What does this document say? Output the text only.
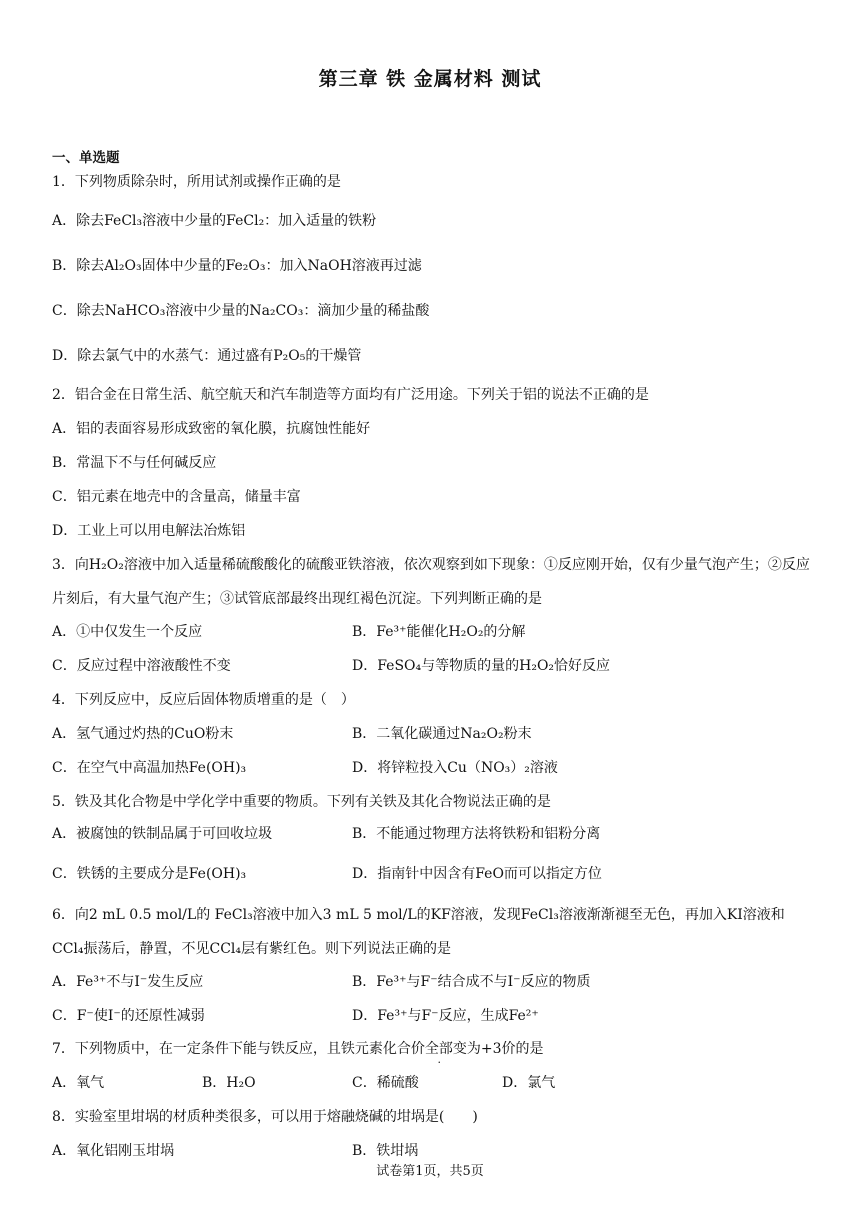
第三章 铁 金属材料 测试
一、单选题
1．下列物质除杂时，所用试剂或操作正确的是
A．除去FeCl₃溶液中少量的FeCl₂：加入适量的铁粉
B．除去Al₂O₃固体中少量的Fe₂O₃：加入NaOH溶液再过滤
C．除去NaHCO₃溶液中少量的Na₂CO₃：滴加少量的稀盐酸
D．除去氯气中的水蒸气：通过盛有P₂O₅的干燥管
2．铝合金在日常生活、航空航天和汽车制造等方面均有广泛用途。下列关于铝的说法不正确的是
A．铝的表面容易形成致密的氧化膜，抗腐蚀性能好
B．常温下不与任何碱反应
C．铝元素在地壳中的含量高，储量丰富
D．工业上可以用电解法冶炼铝
3．向H₂O₂溶液中加入适量稀硫酸酸化的硫酸亚铁溶液，依次观察到如下现象：①反应刚开始，仅有少量气泡产生；②反应片刻后，有大量气泡产生；③试管底部最终出现红褐色沉淀。下列判断正确的是
A．①中仅发生一个反应	B．Fe³⁺能催化H₂O₂的分解
C．反应过程中溶液酸性不变	D．FeSO₄与等物质的量的H₂O₂恰好反应
4．下列反应中，反应后固体物质增重的是（　）
A．氢气通过灼热的CuO粉末	B．二氧化碳通过Na₂O₂粉末
C．在空气中高温加热Fe(OH)₃	D．将锌粒投入Cu（NO₃）₂溶液
5．铁及其化合物是中学化学中重要的物质。下列有关铁及其化合物说法正确的是
A．被腐蚀的铁制品属于可回收垃圾	B．不能通过物理方法将铁粉和铝粉分离
C．铁锈的主要成分是Fe(OH)₃	D．指南针中因含有FeO而可以指定方位
6．向2 mL 0.5 mol/L的 FeCl₃溶液中加入3 mL 5 mol/L的KF溶液，发现FeCl₃溶液渐渐褪至无色，再加入KI溶液和CCl₄振荡后，静置，不见CCl₄层有紫红色。则下列说法正确的是
A．Fe³⁺不与I⁻发生反应	B．Fe³⁺与F⁻结合成不与I⁻反应的物质
C．F⁻使I⁻的还原性减弱	D．Fe³⁺与F⁻反应，生成Fe²⁺
7．下列物质中，在一定条件下能与铁反应，且铁元素化合价全部变为+3价的是
A．氧气	B．H₂O	C．稀硫酸	D．氯气
8．实验室里坩埚的材质种类很多，可以用于熔融烧碱的坩埚是(　　)
A．氧化铝刚玉坩埚	B．铁坩埚
试卷第1页，共5页
